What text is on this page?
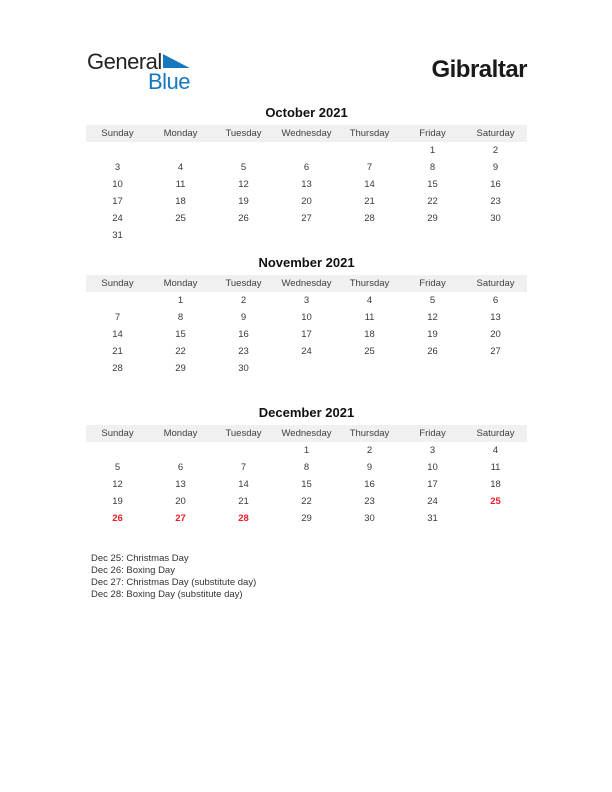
General
Blue	Gibraltar
October 2021
Sunday	Monday	Tuesday	Wednesday	Thursday	Friday	Saturday
					1	2
3	4	5	6	7	8	9
10	11	12	13	14	15	16
17	18	19	20	21	22	23
24	25	26	27	28	29	30
31						
November 2021
Sunday	Monday	Tuesday	Wednesday	Thursday	Friday	Saturday
	1	2	3	4	5	6
7	8	9	10	11	12	13
14	15	16	17	18	19	20
21	22	23	24	25	26	27
28	29	30				
December 2021
Sunday	Monday	Tuesday	Wednesday	Thursday	Friday	Saturday
			1	2	3	4
5	6	7	8	9	10	11
12	13	14	15	16	17	18
19	20	21	22	23	24	25
26	27	28	29	30	31	
Dec 25: Christmas Day
Dec 26: Boxing Day
Dec 27: Christmas Day (substitute day)
Dec 28: Boxing Day (substitute day)
